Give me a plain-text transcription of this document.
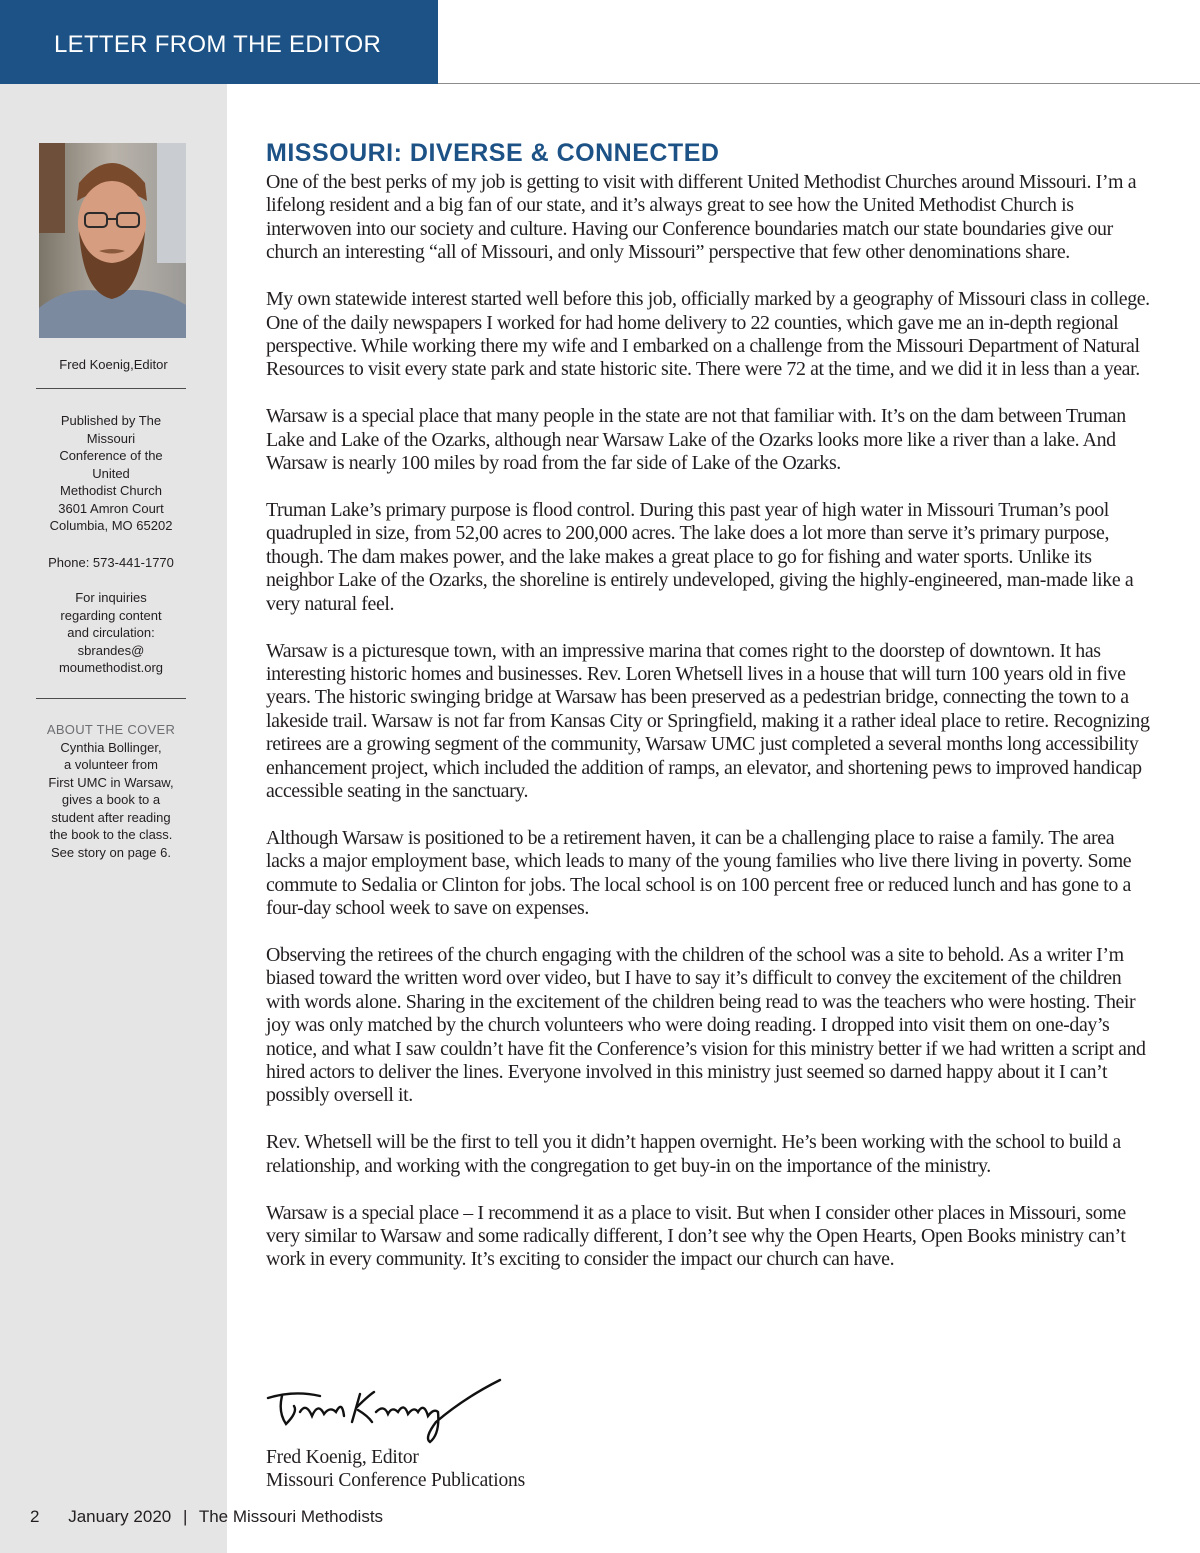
LETTER FROM THE EDITOR

Fred Koenig,Editor

Published by The

Missouri

Conference of the

United

Methodist Church

3601 Amron Court

Columbia, MO 65202

Phone: 573-441-1770

For inquiries

regarding content

and circulation:

sbrandes@

moumethodist.org

ABOUT THE COVER

Cynthia Bollinger,

a volunteer from

First UMC in Warsaw,

gives a book to a

student after reading

the book to the class.

See story on page 6.

MISSOURI: DIVERSE & CONNECTED

One of the best perks of my job is getting to visit with different United Methodist Churches around Missouri. I’m a lifelong resident and a big fan of our state, and it’s always great to see how the United Methodist Church is interwoven into our society and culture. Having our Conference boundaries match our state boundaries give our church an interesting “all of Missouri, and only Missouri” perspective that few other denominations share.

My own statewide interest started well before this job, officially marked by a geography of Missouri class in college. One of the daily newspapers I worked for had home delivery to 22 counties, which gave me an in-depth regional perspective. While working there my wife and I embarked on a challenge from the Missouri Department of Natural Resources to visit every state park and state historic site. There were 72 at the time, and we did it in less than a year.

Warsaw is a special place that many people in the state are not that familiar with. It’s on the dam between Truman Lake and Lake of the Ozarks, although near Warsaw Lake of the Ozarks looks more like a river than a lake. And Warsaw is nearly 100 miles by road from the far side of Lake of the Ozarks.

Truman Lake’s primary purpose is flood control. During this past year of high water in Missouri Truman’s pool quadrupled in size, from 52,00 acres to 200,000 acres. The lake does a lot more than serve it’s primary purpose, though. The dam makes power, and the lake makes a great place to go for fishing and water sports. Unlike its neighbor Lake of the Ozarks, the shoreline is entirely undeveloped, giving the highly-engineered, man-made like a very natural feel.

Warsaw is a picturesque town, with an impressive marina that comes right to the doorstep of downtown. It has interesting historic homes and businesses. Rev. Loren Whetsell lives in a house that will turn 100 years old in five years. The historic swinging bridge at Warsaw has been preserved as a pedestrian bridge, connecting the town to a lakeside trail. Warsaw is not far from Kansas City or Springfield, making it a rather ideal place to retire. Recognizing retirees are a growing segment of the community, Warsaw UMC just completed a several months long accessibility enhancement project, which included the addition of ramps, an elevator, and shortening pews to improved handicap accessible seating in the sanctuary.

Although Warsaw is positioned to be a retirement haven, it can be a challenging place to raise a family. The area lacks a major employment base, which leads to many of the young families who live there living in poverty. Some commute to Sedalia or Clinton for jobs. The local school is on 100 percent free or reduced lunch and has gone to a four-day school week to save on expenses.

Observing the retirees of the church engaging with the children of the school was a site to behold. As a writer I’m biased toward the written word over video, but I have to say it’s difficult to convey the excitement of the children with words alone. Sharing in the excitement of the children being read to was the teachers who were hosting. Their joy was only matched by the church volunteers who were doing reading. I dropped into visit them on one-day’s notice, and what I saw couldn’t have fit the Conference’s vision for this ministry better if we had written a script and hired actors to deliver the lines. Everyone involved in this ministry just seemed so darned happy about it I can’t possibly oversell it.

Rev. Whetsell will be the first to tell you it didn’t happen overnight. He’s been working with the school to build a relationship, and working with the congregation to get buy-in on the importance of the ministry.

Warsaw is a special place – I recommend it as a place to visit. But when I consider other places in Missouri, some very similar to Warsaw and some radically different, I don’t see why the Open Hearts, Open Books ministry can’t work in every community. It’s exciting to consider the impact our church can have.

Fred Koenig, Editor
Missouri Conference Publications
2 January 2020 | The Missouri Methodists
